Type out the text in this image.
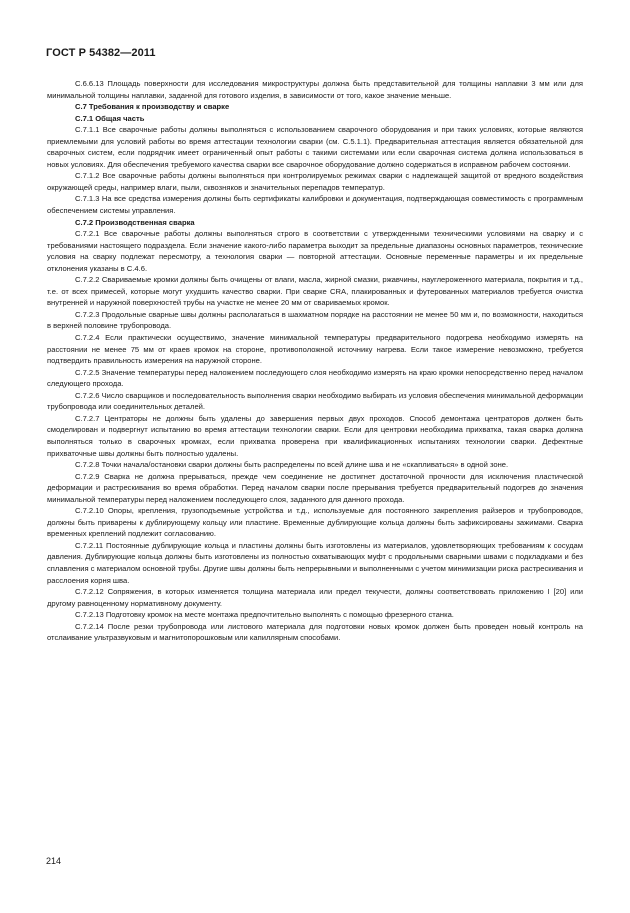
ГОСТ Р 54382—2011

С.6.6.13 Площадь поверхности для исследования микроструктуры должна быть представительной для толщины наплавки 3 мм или для минимальной толщины наплавки, заданной для готового изделия, в зависимости от того, какое значение меньше.

С.7 Требования к производству и сварке

С.7.1 Общая часть

С.7.1.1 Все сварочные работы должны выполняться с использованием сварочного оборудования и при таких условиях, которые являются приемлемыми для условий работы во время аттестации технологии сварки (см. С.5.1.1). Предварительная аттестация является обязательной для сварочных систем, если подрядчик имеет ограниченный опыт работы с такими системами или если сварочная система должна использоваться в новых условиях. Для обеспечения требуемого качества сварки все сварочное оборудование должно содержаться в исправном рабочем состоянии.

С.7.1.2 Все сварочные работы должны выполняться при контролируемых режимах сварки с надлежащей защитой от вредного воздействия окружающей среды, например влаги, пыли, сквозняков и значительных перепадов температур.

С.7.1.3 На все средства измерения должны быть сертификаты калибровки и документация, подтверждающая совместимость с программным обеспечением системы управления.

С.7.2 Производственная сварка

С.7.2.1 Все сварочные работы должны выполняться строго в соответствии с утвержденными техническими условиями на сварку и с требованиями настоящего подраздела. Если значение какого-либо параметра выходит за предельные диапазоны основных параметров, технические условия на сварку подлежат пересмотру, а технология сварки — повторной аттестации. Основные переменные параметры и их предельные отклонения указаны в С.4.6.

С.7.2.2 Свариваемые кромки должны быть очищены от влаги, масла, жирной смазки, ржавчины, науглероженного материала, покрытия и т.д., т.е. от всех примесей, которые могут ухудшить качество сварки. При сварке CRA, плакированных и футерованных материалов требуется очистка внутренней и наружной поверхностей трубы на участке не менее 20 мм от свариваемых кромок.

С.7.2.3 Продольные сварные швы должны располагаться в шахматном порядке на расстоянии не менее 50 мм и, по возможности, находиться в верхней половине трубопровода.

С.7.2.4 Если практически осуществимо, значение минимальной температуры предварительного подогрева необходимо измерять на расстоянии не менее 75 мм от краев кромок на стороне, противоположной источнику нагрева. Если такое измерение невозможно, требуется подтвердить правильность измерения на наружной стороне.

С.7.2.5 Значение температуры перед наложением последующего слоя необходимо измерять на краю кромки непосредственно перед началом следующего прохода.

С.7.2.6 Число сварщиков и последовательность выполнения сварки необходимо выбирать из условия обеспечения минимальной деформации трубопровода или соединительных деталей.

С.7.2.7 Центраторы не должны быть удалены до завершения первых двух проходов. Способ демонтажа центраторов должен быть смоделирован и подвергнут испытанию во время аттестации технологии сварки. Если для центровки необходима прихватка, такая сварка должна выполняться только в сварочных кромках, если прихватка проверена при квалификационных испытаниях технологии сварки. Дефектные прихваточные швы должны быть полностью удалены.

С.7.2.8 Точки начала/остановки сварки должны быть распределены по всей длине шва и не «скапливаться» в одной зоне.

С.7.2.9 Сварка не должна прерываться, прежде чем соединение не достигнет достаточной прочности для исключения пластической деформации и растрескивания во время обработки. Перед началом сварки после прерывания требуется предварительный подогрев до значения минимальной температуры перед наложением последующего слоя, заданного для данного прохода.

С.7.2.10 Опоры, крепления, грузоподъемные устройства и т.д., используемые для постоянного закрепления райзеров и трубопроводов, должны быть приварены к дублирующему кольцу или пластине. Временные дублирующие кольца должны быть зафиксированы зажимами. Сварка временных креплений подлежит согласованию.

С.7.2.11 Постоянные дублирующие кольца и пластины должны быть изготовлены из материалов, удовлетворяющих требованиям к сосудам давления. Дублирующие кольца должны быть изготовлены из полностью охватывающих муфт с продольными сварными швами с подкладками и без сплавления с материалом основной трубы. Другие швы должны быть непрерывными и выполненными с учетом минимизации риска растрескивания и расслоения корня шва.

С.7.2.12 Сопряжения, в которых изменяется толщина материала или предел текучести, должны соответствовать приложению I [20] или другому равноценному нормативному документу.

С.7.2.13 Подготовку кромок на месте монтажа предпочтительно выполнять с помощью фрезерного станка.

С.7.2.14 После резки трубопровода или листового материала для подготовки новых кромок должен быть проведен новый контроль на отслаивание ультразвуковым и магнитопорошковым или капиллярным способами.

214
